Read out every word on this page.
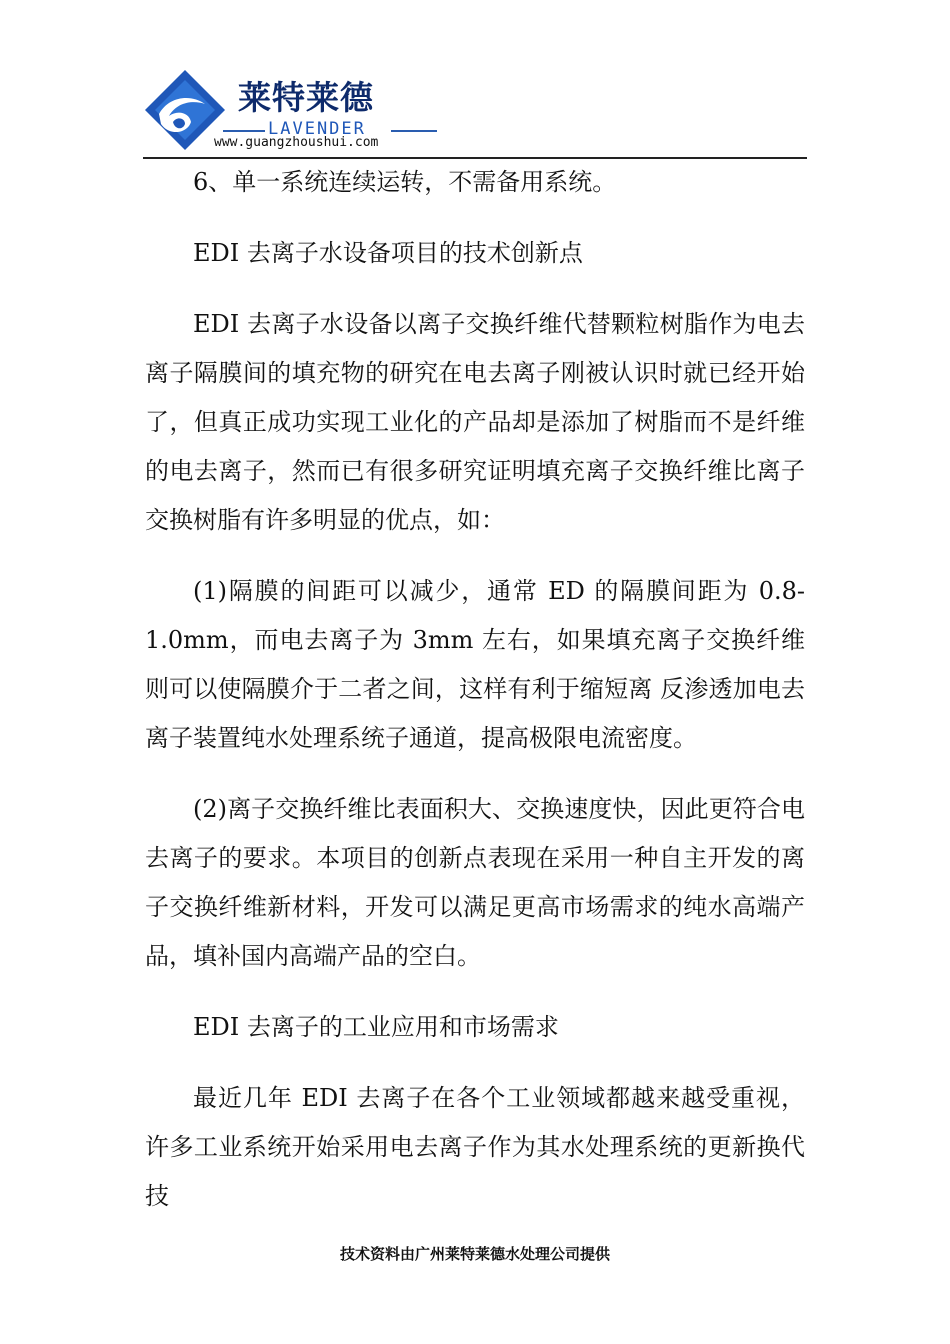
莱特莱德
LAVENDER
www.guangzhoushui.com

6、单一系统连续运转，不需备用系统。

EDI 去离子水设备项目的技术创新点

EDI 去离子水设备以离子交换纤维代替颗粒树脂作为电去离子隔膜间的填充物的研究在电去离子刚被认识时就已经开始了，但真正成功实现工业化的产品却是添加了树脂而不是纤维的电去离子，然而已有很多研究证明填充离子交换纤维比离子交换树脂有许多明显的优点，如：

(1)隔膜的间距可以减少，通常 ED 的隔膜间距为 0.8-1.0mm，而电去离子为 3mm 左右，如果填充离子交换纤维则可以使隔膜介于二者之间，这样有利于缩短离 反渗透加电去离子装置纯水处理系统子通道，提高极限电流密度。

(2)离子交换纤维比表面积大、交换速度快，因此更符合电去离子的要求。本项目的创新点表现在采用一种自主开发的离子交换纤维新材料，开发可以满足更高市场需求的纯水高端产品，填补国内高端产品的空白。

EDI 去离子的工业应用和市场需求

最近几年 EDI 去离子在各个工业领域都越来越受重视，许多工业系统开始采用电去离子作为其水处理系统的更新换代技

技术资料由广州莱特莱德水处理公司提供
